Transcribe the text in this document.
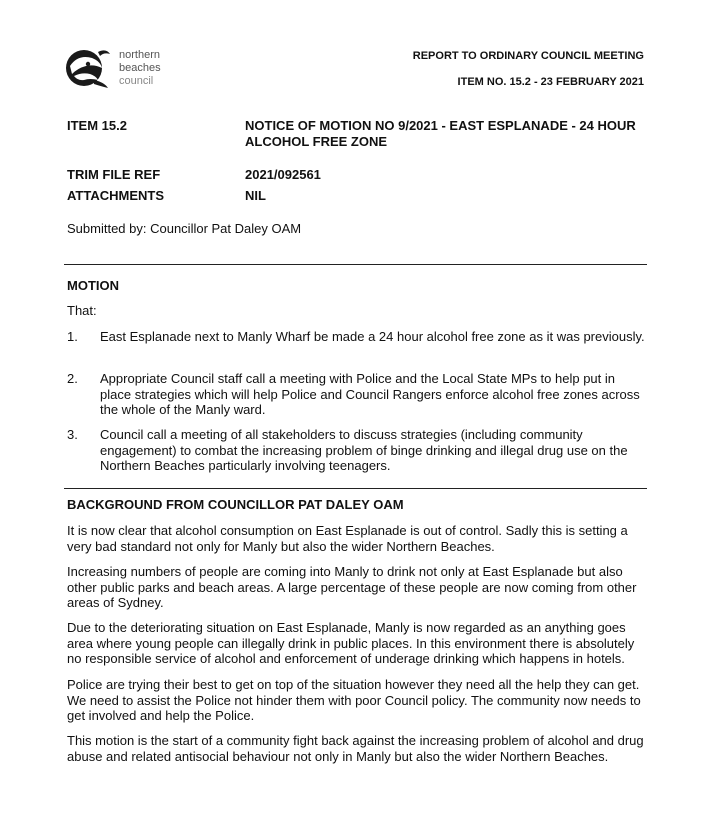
northern
beaches
council
REPORT TO ORDINARY COUNCIL MEETING
ITEM NO. 15.2 - 23 FEBRUARY 2021
ITEM 15.2	NOTICE OF MOTION NO 9/2021 - EAST ESPLANADE - 24 HOUR ALCOHOL FREE ZONE
TRIM FILE REF	2021/092561
ATTACHMENTS	NIL
Submitted by: Councillor Pat Daley OAM
MOTION
That:
1. East Esplanade next to Manly Wharf be made a 24 hour alcohol free zone as it was previously.
2. Appropriate Council staff call a meeting with Police and the Local State MPs to help put in place strategies which will help Police and Council Rangers enforce alcohol free zones across the whole of the Manly ward.
3. Council call a meeting of all stakeholders to discuss strategies (including community engagement) to combat the increasing problem of binge drinking and illegal drug use on the Northern Beaches particularly involving teenagers.
BACKGROUND FROM COUNCILLOR PAT DALEY OAM
It is now clear that alcohol consumption on East Esplanade is out of control. Sadly this is setting a very bad standard not only for Manly but also the wider Northern Beaches.
Increasing numbers of people are coming into Manly to drink not only at East Esplanade but also other public parks and beach areas. A large percentage of these people are now coming from other areas of Sydney.
Due to the deteriorating situation on East Esplanade, Manly is now regarded as an anything goes area where young people can illegally drink in public places. In this environment there is absolutely no responsible service of alcohol and enforcement of underage drinking which happens in hotels.
Police are trying their best to get on top of the situation however they need all the help they can get. We need to assist the Police not hinder them with poor Council policy. The community now needs to get involved and help the Police.
This motion is the start of a community fight back against the increasing problem of alcohol and drug abuse and related antisocial behaviour not only in Manly but also the wider Northern Beaches.
